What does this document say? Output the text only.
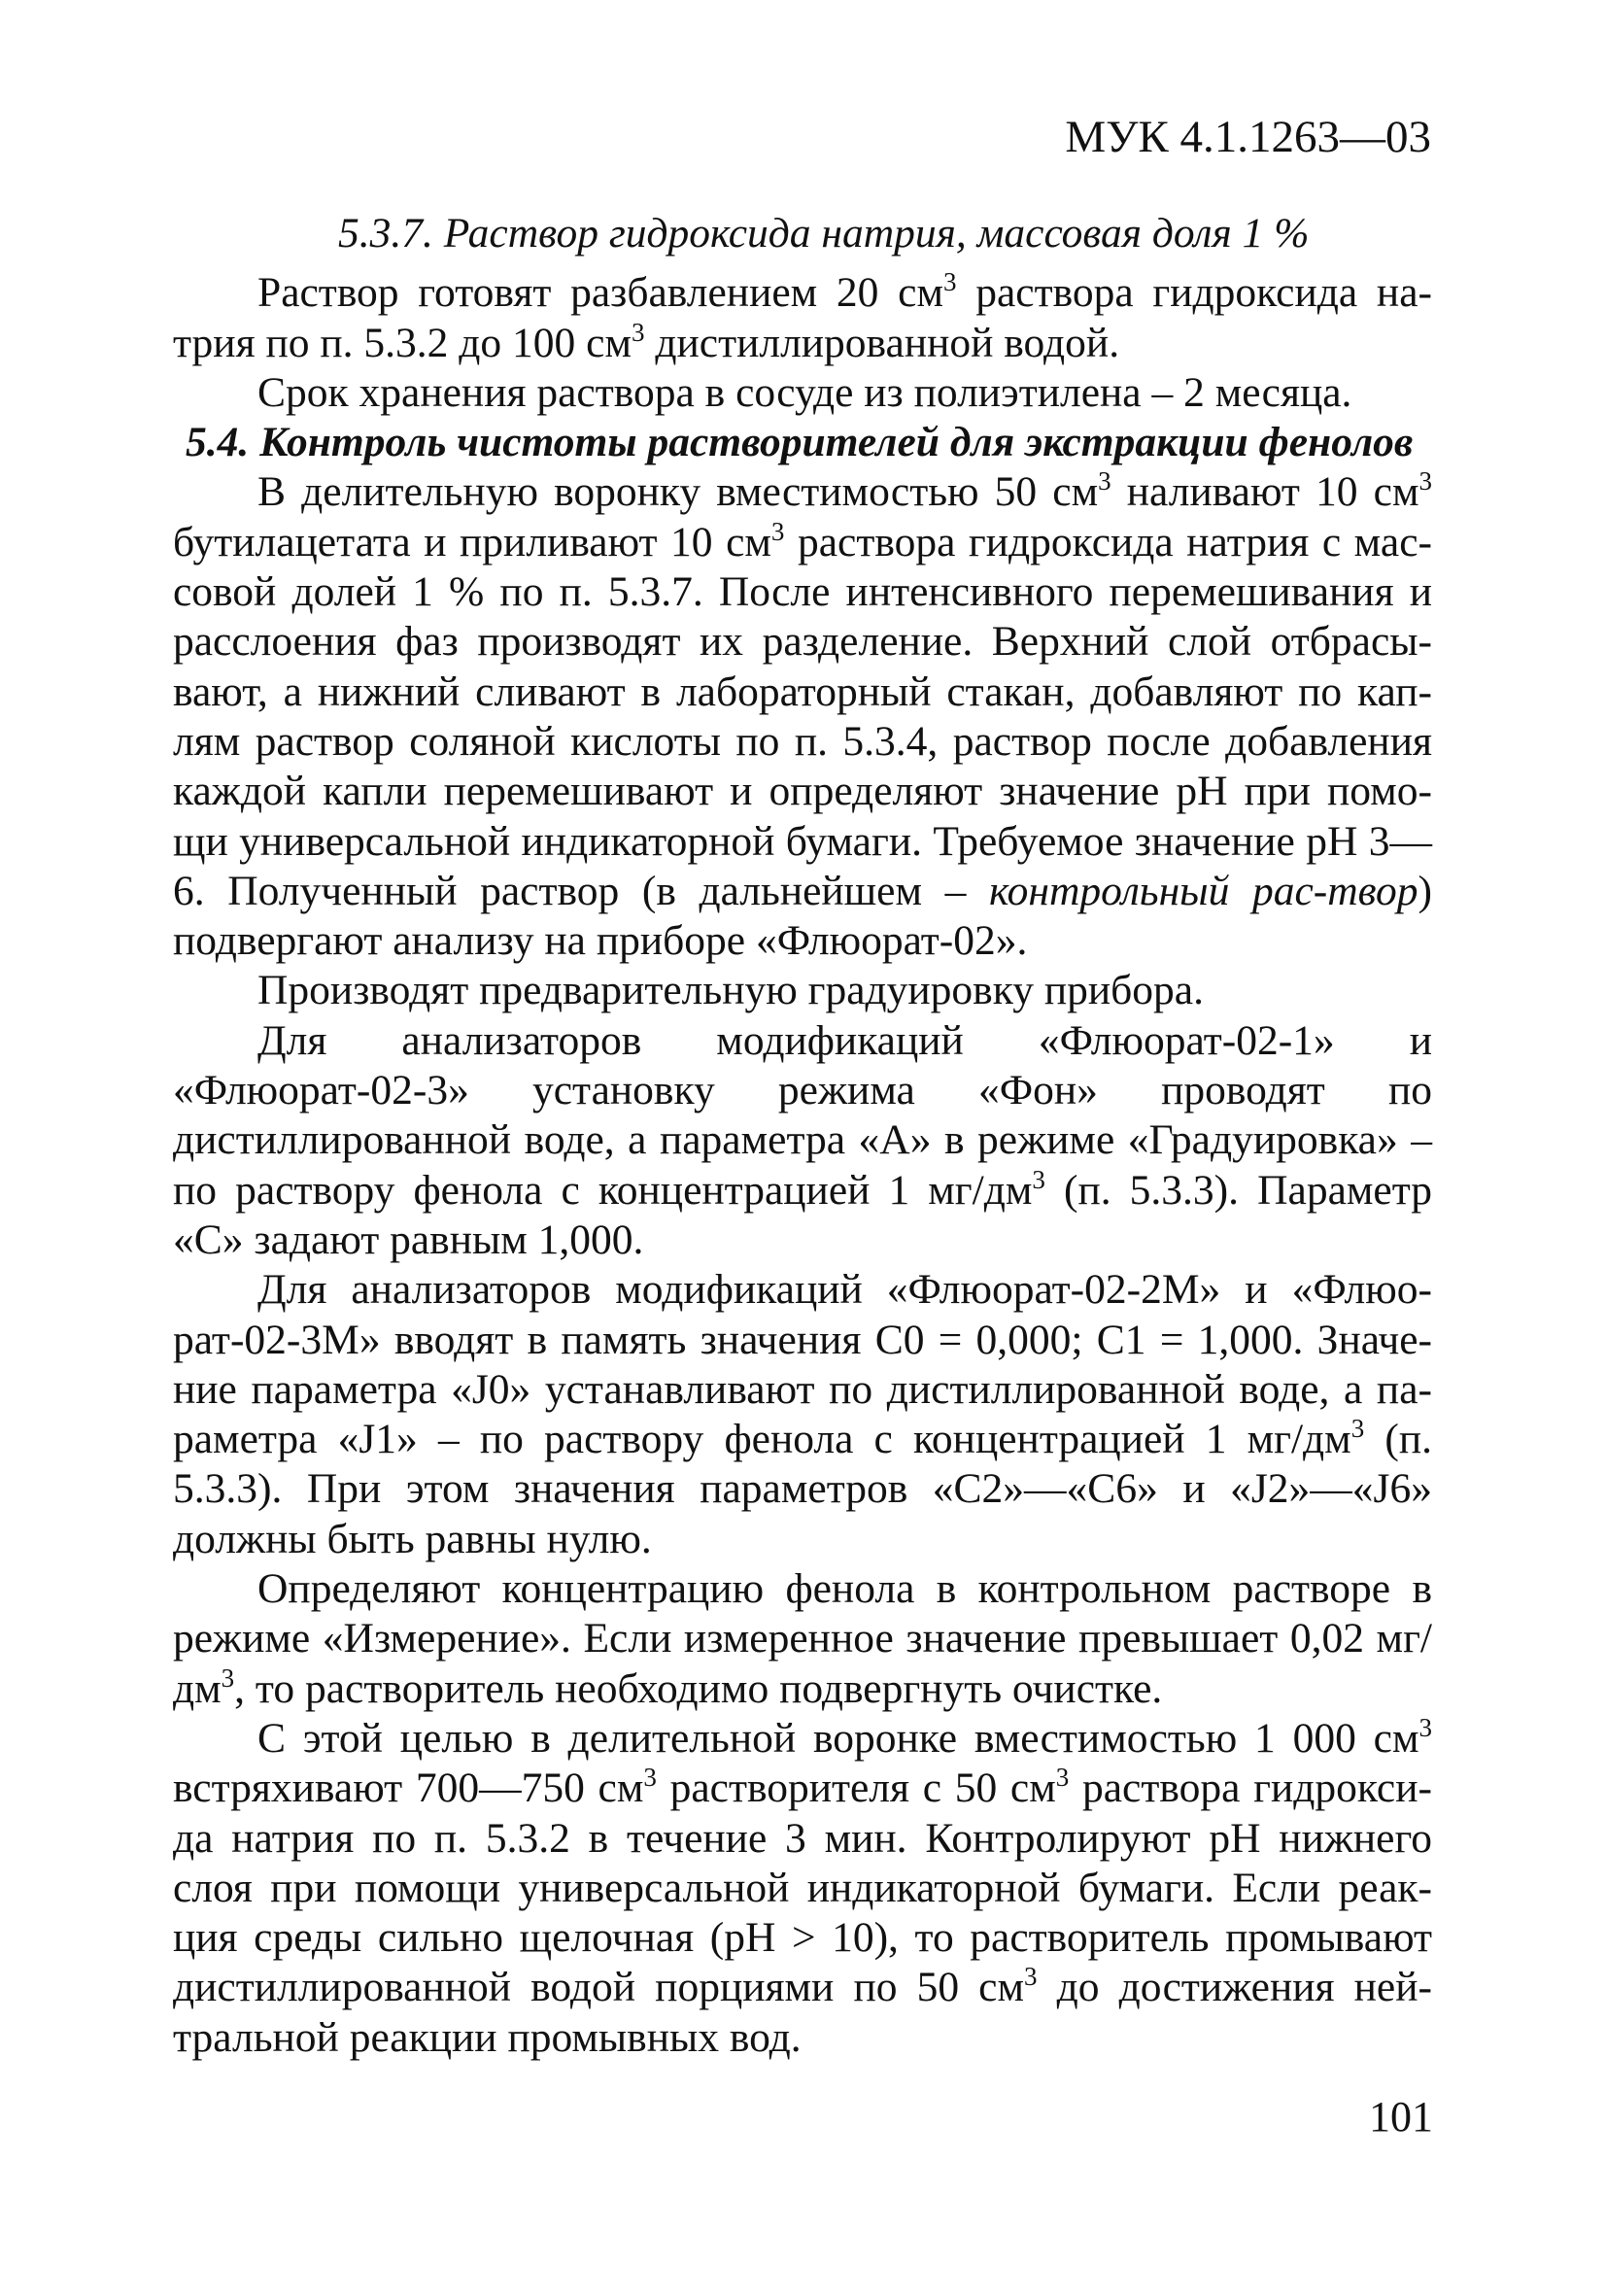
МУК 4.1.1263—03

5.3.7. Раствор гидроксида натрия, массовая доля 1 %

Раствор готовят разбавлением 20 $см^3$ раствора гидроксида на-трия по п. 5.3.2 до 100 $см^3$ дистиллированной водой.

Срок хранения раствора в сосуде из полиэтилена – 2 месяца.

5.4. Контроль чистоты растворителей для экстракции фенолов

В делительную воронку вместимостью 50 $см^3$ наливают 10 $см^3$ бутилацетата и приливают 10 $см^3$ раствора гидроксида натрия с мас-совой долей 1 % по п. 5.3.7. После интенсивного перемешивания и расслоения фаз производят их разделение. Верхний слой отбрасы-вают, а нижний сливают в лабораторный стакан, добавляют по кап-лям раствор соляной кислоты по п. 5.3.4, раствор после добавления каждой капли перемешивают и определяют значение pH при помо-щи универсальной индикаторной бумаги. Требуемое значение pH 3—6. Полученный раствор (в дальнейшем – контрольный рас-твор) подвергают анализу на приборе «Флюорат-02».

Производят предварительную градуировку прибора.

Для анализаторов модификаций «Флюорат-02-1» и «Флюорат-02-3» установку режима «Фон» проводят по дистиллированной воде, а параметра «А» в режиме «Градуировка» – по раствору фенола с концентрацией 1 $мг/дм^3$ (п. 5.3.3). Параметр «С» задают равным 1,000.

Для анализаторов модификаций «Флюорат-02-2М» и «Флюо-рат-02-3М» вводят в память значения С0 = 0,000; С1 = 1,000. Значе-ние параметра «J0» устанавливают по дистиллированной воде, а па-раметра «J1» – по раствору фенола с концентрацией 1 $мг/дм^3$ (п. 5.3.3). При этом значения параметров «С2»—«С6» и «J2»—«J6» должны быть равны нулю.

Определяют концентрацию фенола в контрольном растворе в режиме «Измерение». Если измеренное значение превышает 0,02 $мг/дм^3$, то растворитель необходимо подвергнуть очистке.

С этой целью в делительной воронке вместимостью 1 000 $см^3$ встряхивают 700—750 $см^3$ растворителя с 50 $см^3$ раствора гидрокси-да натрия по п. 5.3.2 в течение 3 мин. Контролируют pH нижнего слоя при помощи универсальной индикаторной бумаги. Если реак-ция среды сильно щелочная (pH > 10), то растворитель промывают дистиллированной водой порциями по 50 $см^3$ до достижения ней-тральной реакции промывных вод.

101
